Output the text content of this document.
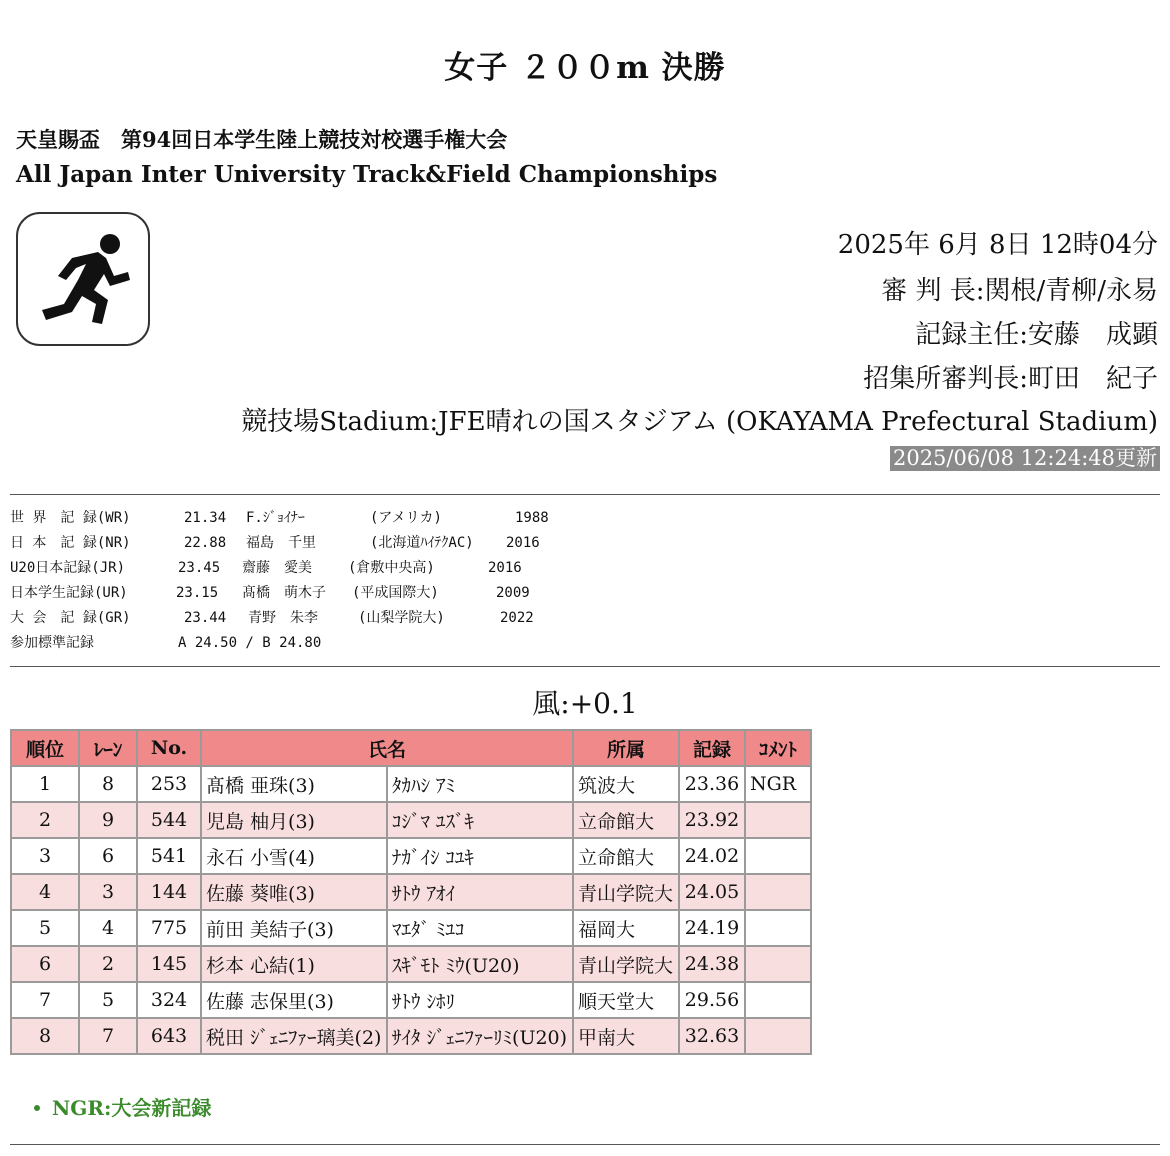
女子 ２００m 決勝
天皇賜盃　第94回日本学生陸上競技対校選手権大会
All Japan Inter University Track&Field Championships
2025年 6月 8日 12時04分
審 判 長:関根/青柳/永易
記録主任:安藤　成顕
招集所審判長:町田　紀子
競技場Stadium:JFE晴れの国スタジアム (OKAYAMA Prefectural Stadium)
2025/06/08 12:24:48更新
世 界　記 録(WR)	21.34 F.ｼﾞｮｲﾅｰ	(アメリカ)	1988
日 本　記 録(NR)	22.88 福島　千里	(北海道ﾊｲﾃｸAC) 2016
U20日本記録(JR)	23.45 齋藤　愛美	(倉敷中央高)	2016
日本学生記録(UR)	23.15 髙橋　萌木子 (平成国際大)	2009
大 会　記 録(GR)	23.44 青野　朱李	(山梨学院大)	2022
参加標準記録	A 24.50 / B 24.80
風:+0.1
順位	ﾚｰﾝ	No.	氏名		所属	記録	ｺﾒﾝﾄ
1	8	253	髙橋 亜珠(3)	ﾀｶﾊｼ ｱﾐ	筑波大	23.36	NGR
2	9	544	児島 柚月(3)	ｺｼﾞﾏ ﾕｽﾞｷ	立命館大	23.92	
3	6	541	永石 小雪(4)	ﾅｶﾞｲｼ ｺﾕｷ	立命館大	24.02	
4	3	144	佐藤 葵唯(3)	ｻﾄｳ ｱｵｲ	青山学院大	24.05	
5	4	775	前田 美結子(3)	ﾏｴﾀﾞ ﾐﾕｺ	福岡大	24.19	
6	2	145	杉本 心結(1)	ｽｷﾞﾓﾄ ﾐｳ(U20)	青山学院大	24.38	
7	5	324	佐藤 志保里(3)	ｻﾄｳ ｼﾎﾘ	順天堂大	29.56	
8	7	643	税田 ｼﾞｪﾆﾌｧｰ璃美(2)	ｻｲﾀ ｼﾞｪﾆﾌｧｰﾘﾐ(U20)	甲南大	32.63	
NGR:大会新記録
